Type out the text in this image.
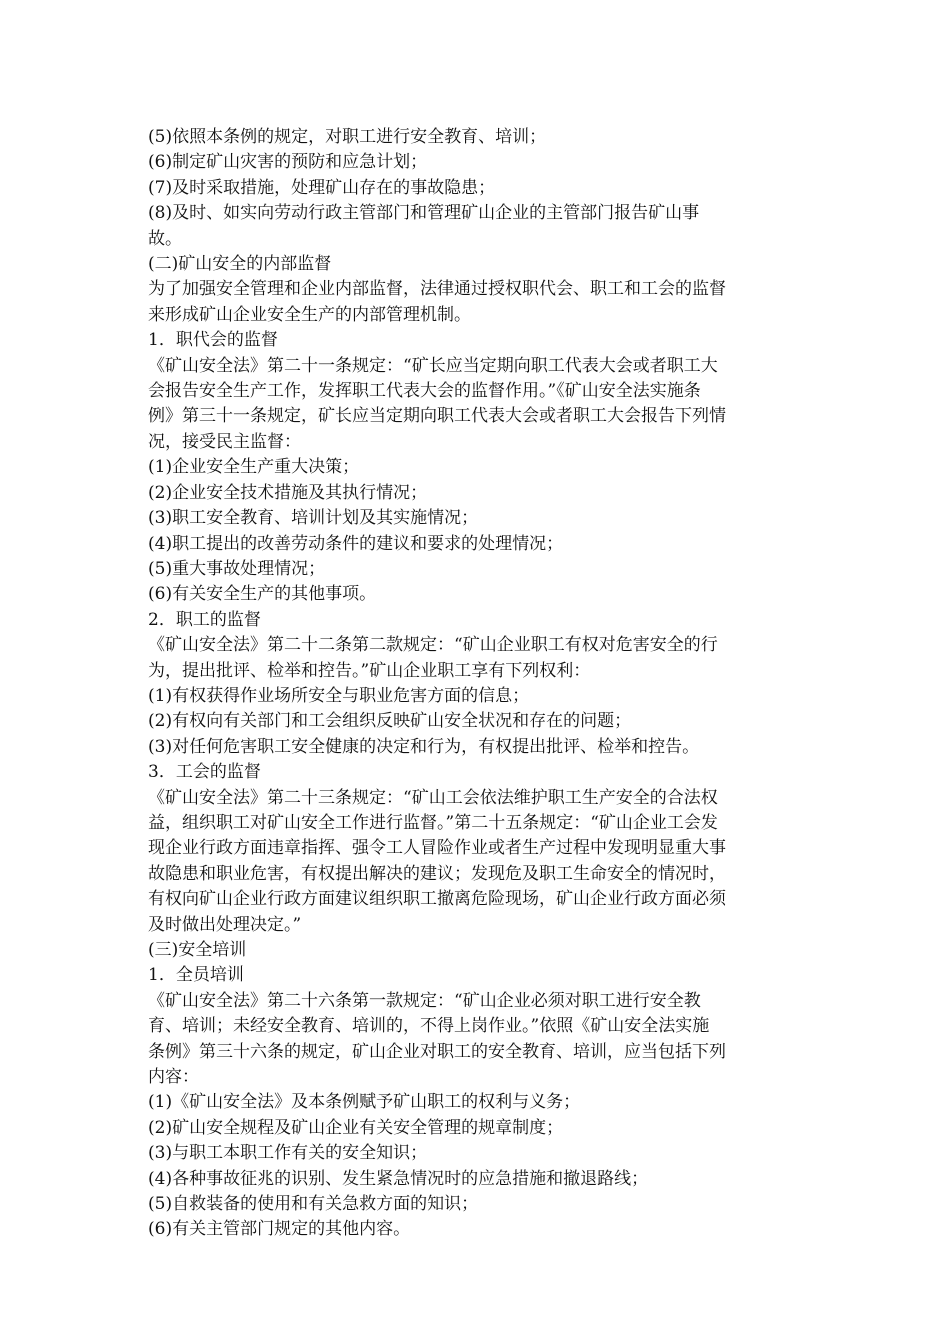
(5)依照本条例的规定，对职工进行安全教育、培训；

(6)制定矿山灾害的预防和应急计划；

(7)及时采取措施，处理矿山存在的事故隐患；

(8)及时、如实向劳动行政主管部门和管理矿山企业的主管部门报告矿山事

故。

(二)矿山安全的内部监督

为了加强安全管理和企业内部监督，法律通过授权职代会、职工和工会的监督

来形成矿山企业安全生产的内部管理机制。

1．职代会的监督

《矿山安全法》第二十一条规定：“矿长应当定期向职工代表大会或者职工大

会报告安全生产工作，发挥职工代表大会的监督作用。”《矿山安全法实施条

例》第三十一条规定，矿长应当定期向职工代表大会或者职工大会报告下列情

况，接受民主监督：

(1)企业安全生产重大决策；

(2)企业安全技术措施及其执行情况；

(3)职工安全教育、培训计划及其实施情况；

(4)职工提出的改善劳动条件的建议和要求的处理情况；

(5)重大事故处理情况；

(6)有关安全生产的其他事项。

2．职工的监督

《矿山安全法》第二十二条第二款规定：“矿山企业职工有权对危害安全的行

为，提出批评、检举和控告。”矿山企业职工享有下列权利：

(1)有权获得作业场所安全与职业危害方面的信息；

(2)有权向有关部门和工会组织反映矿山安全状况和存在的问题；

(3)对任何危害职工安全健康的决定和行为，有权提出批评、检举和控告。

3．工会的监督

《矿山安全法》第二十三条规定：“矿山工会依法维护职工生产安全的合法权

益，组织职工对矿山安全工作进行监督。”第二十五条规定：“矿山企业工会发

现企业行政方面违章指挥、强令工人冒险作业或者生产过程中发现明显重大事

故隐患和职业危害，有权提出解决的建议；发现危及职工生命安全的情况时，

有权向矿山企业行政方面建议组织职工撤离危险现场，矿山企业行政方面必须

及时做出处理决定。”

(三)安全培训

1．全员培训

《矿山安全法》第二十六条第一款规定：“矿山企业必须对职工进行安全教

育、培训；未经安全教育、培训的，不得上岗作业。”依照《矿山安全法实施

条例》第三十六条的规定，矿山企业对职工的安全教育、培训，应当包括下列

内容：

(1)《矿山安全法》及本条例赋予矿山职工的权利与义务；

(2)矿山安全规程及矿山企业有关安全管理的规章制度；

(3)与职工本职工作有关的安全知识；

(4)各种事故征兆的识别、发生紧急情况时的应急措施和撤退路线；

(5)自救装备的使用和有关急救方面的知识；

(6)有关主管部门规定的其他内容。
